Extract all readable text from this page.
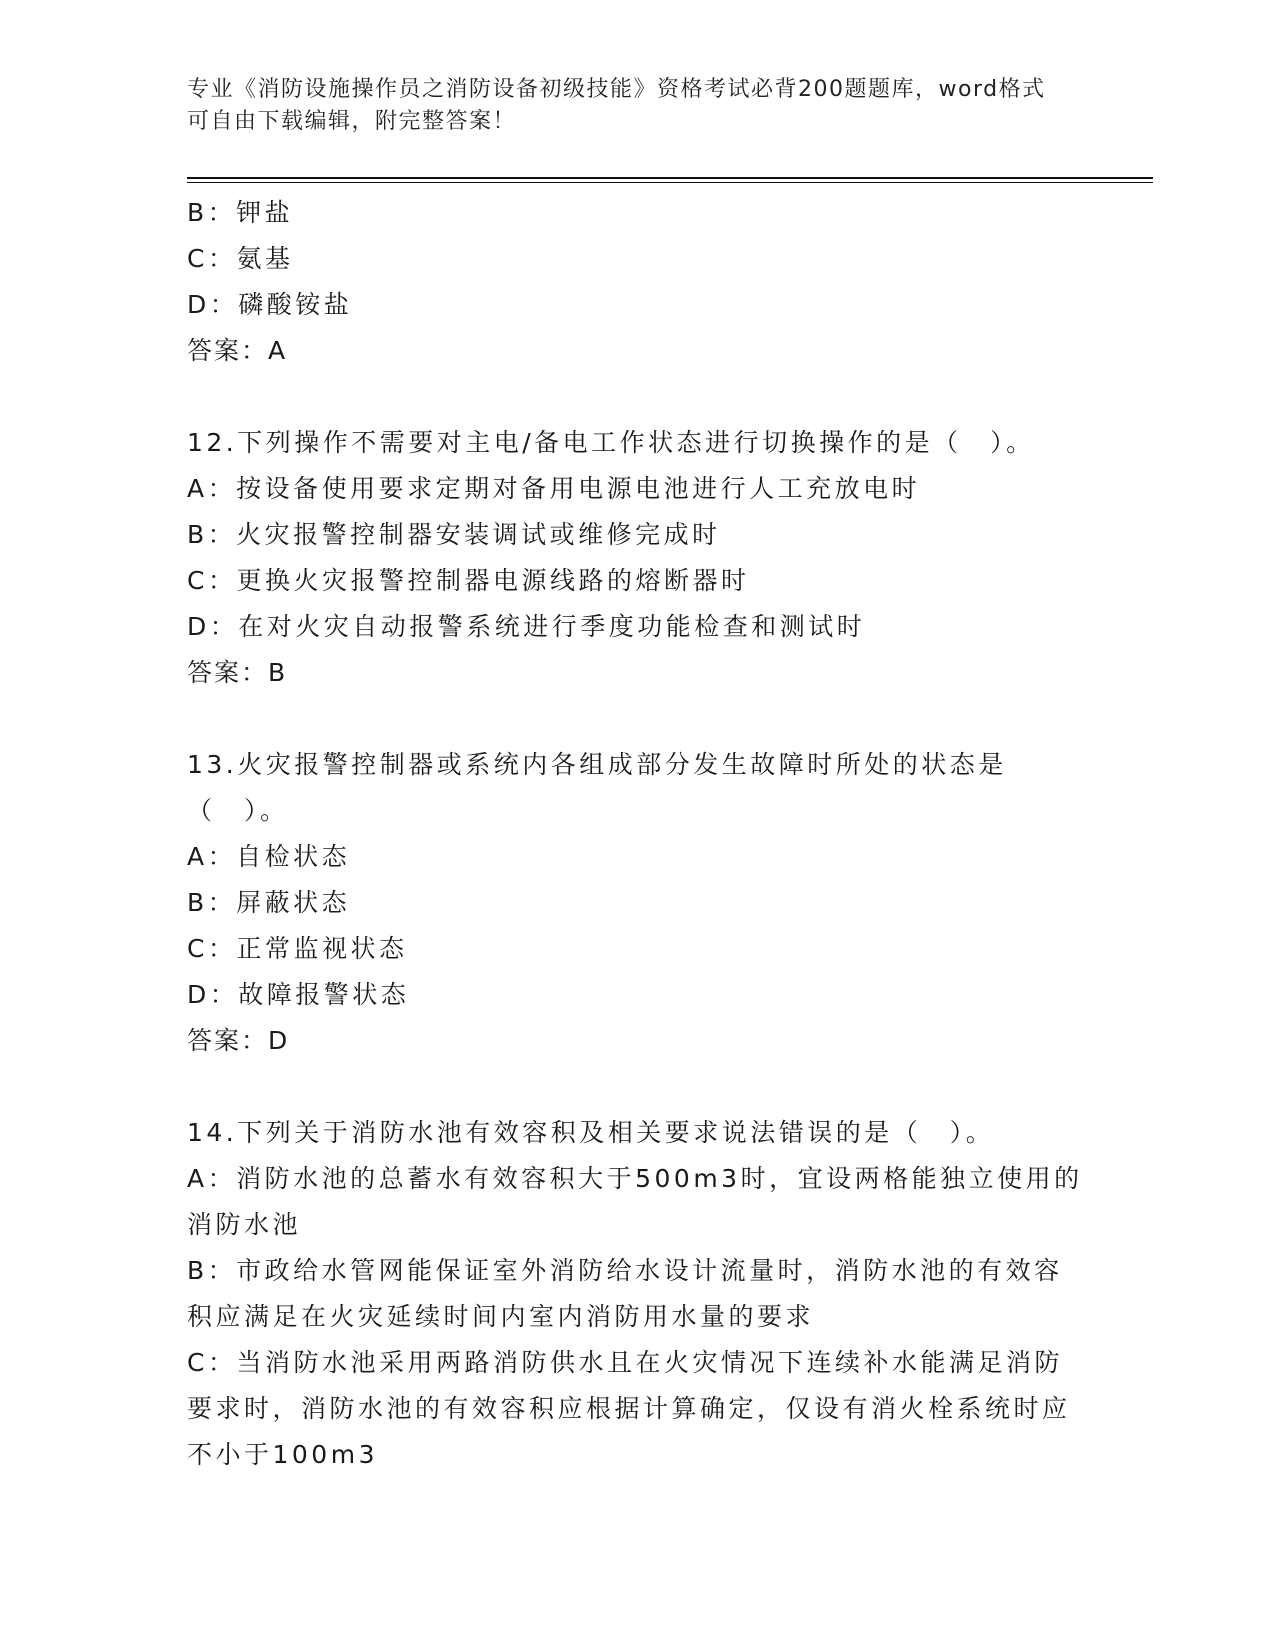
专业《消防设施操作员之消防设备初级技能》资格考试必背200题题库，word格式可自由下载编辑，附完整答案！
B：钾盐
C：氨基
D：磷酸铵盐
答案：A
12.下列操作不需要对主电/备电工作状态进行切换操作的是（　）。
A：按设备使用要求定期对备用电源电池进行人工充放电时
B：火灾报警控制器安装调试或维修完成时
C：更换火灾报警控制器电源线路的熔断器时
D：在对火灾自动报警系统进行季度功能检查和测试时
答案：B
13.火灾报警控制器或系统内各组成部分发生故障时所处的状态是（　）。
A：自检状态
B：屏蔽状态
C：正常监视状态
D：故障报警状态
答案：D
14.下列关于消防水池有效容积及相关要求说法错误的是（　）。
A：消防水池的总蓄水有效容积大于500m3时，宜设两格能独立使用的消防水池
B：市政给水管网能保证室外消防给水设计流量时，消防水池的有效容积应满足在火灾延续时间内室内消防用水量的要求
C：当消防水池采用两路消防供水且在火灾情况下连续补水能满足消防要求时，消防水池的有效容积应根据计算确定，仅设有消火栓系统时应不小于100m3
